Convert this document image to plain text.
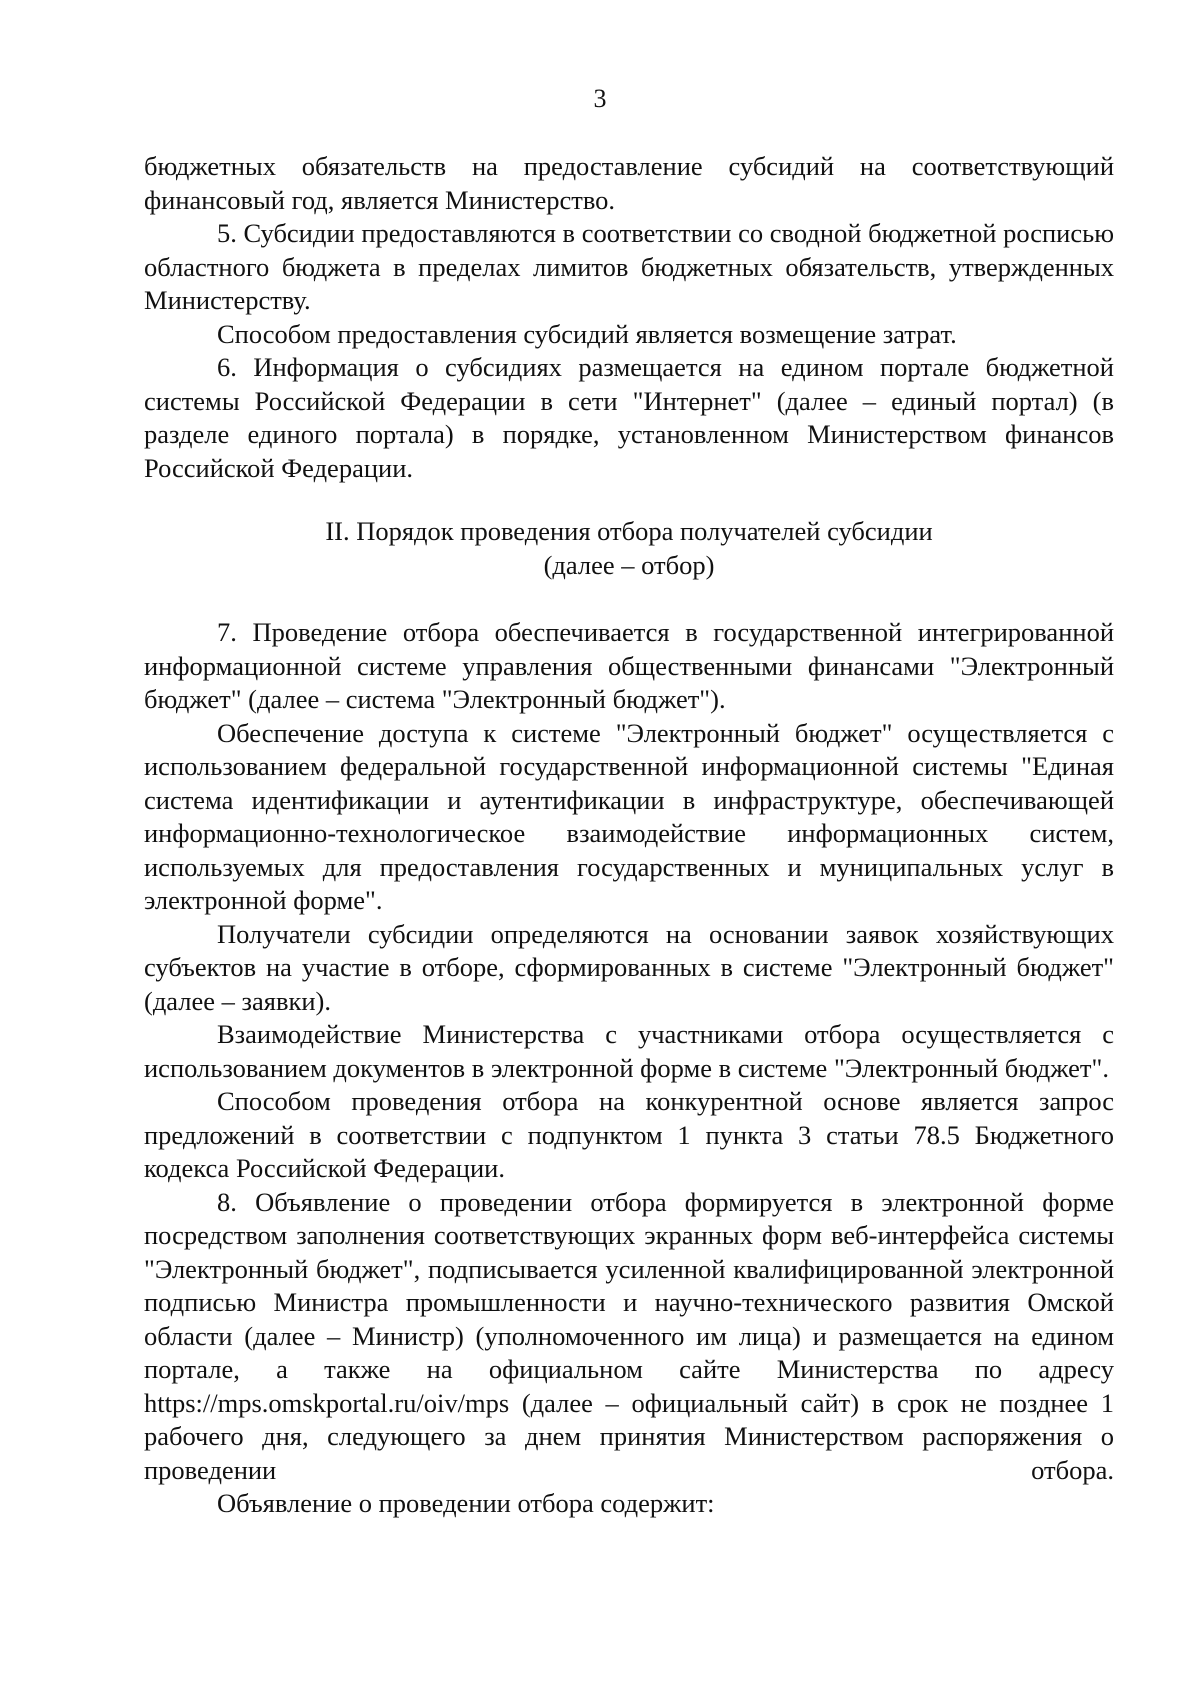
3

бюджетных обязательств на предоставление субсидий на соответствующий финансовый год, является Министерство.

5. Субсидии предоставляются в соответствии со сводной бюджетной росписью областного бюджета в пределах лимитов бюджетных обязательств, утвержденных Министерству.

Способом предоставления субсидий является возмещение затрат.

6. Информация о субсидиях размещается на едином портале бюджетной системы Российской Федерации в сети "Интернет" (далее – единый портал) (в разделе единого портала) в порядке, установленном Министерством финансов Российской Федерации.

II. Порядок проведения отбора получателей субсидии

(далее – отбор)

7. Проведение отбора обеспечивается в государственной интегрированной информационной системе управления общественными финансами "Электронный бюджет" (далее – система "Электронный бюджет").

Обеспечение доступа к системе "Электронный бюджет" осуществляется с использованием федеральной государственной информационной системы "Единая система идентификации и аутентификации в инфраструктуре, обеспечивающей информационно-технологическое взаимодействие информационных систем, используемых для предоставления государственных и муниципальных услуг в электронной форме".

Получатели субсидии определяются на основании заявок хозяйствующих субъектов на участие в отборе, сформированных в системе "Электронный бюджет" (далее – заявки).

Взаимодействие Министерства с участниками отбора осуществляется с использованием документов в электронной форме в системе "Электронный бюджет".

Способом проведения отбора на конкурентной основе является запрос предложений в соответствии с подпунктом 1 пункта 3 статьи 78.5 Бюджетного кодекса Российской Федерации.

8. Объявление о проведении отбора формируется в электронной форме посредством заполнения соответствующих экранных форм веб-интерфейса системы "Электронный бюджет", подписывается усиленной квалифицированной электронной подписью Министра промышленности и научно-технического развития Омской области (далее – Министр) (уполномоченного им лица) и размещается на едином портале, а также на официальном сайте Министерства по адресу https://mps.omskportal.ru/oiv/mps (далее – официальный сайт) в срок не позднее 1 рабочего дня, следующего за днем принятия Министерством распоряжения о проведении отбора.

Объявление о проведении отбора содержит:
